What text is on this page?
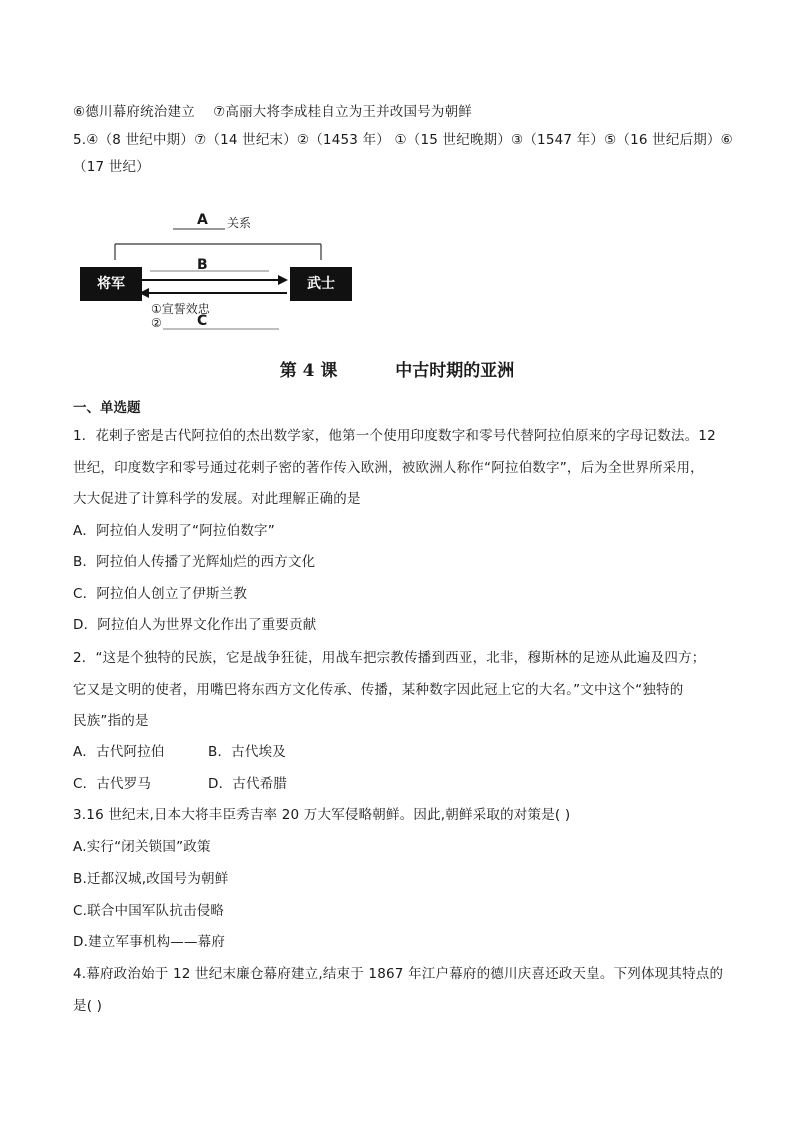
⑥德川幕府统治建立　 ⑦高丽大将李成桂自立为王并改国号为朝鲜
5.④（8 世纪中期）⑦（14 世纪末）②（1453 年） ①（15 世纪晚期）③（1547 年）⑤（16 世纪后期）⑥
（17 世纪）
A 关系
B
将军	武士
①宣誓效忠
②	C
第 4 课	中古时期的亚洲
一、单选题
1．花剌子密是古代阿拉伯的杰出数学家，他第一个使用印度数字和零号代替阿拉伯原来的字母记数法。12
世纪，印度数字和零号通过花剌子密的著作传入欧洲，被欧洲人称作“阿拉伯数字”，后为全世界所采用，
大大促进了计算科学的发展。对此理解正确的是
A．阿拉伯人发明了“阿拉伯数字”
B．阿拉伯人传播了光辉灿烂的西方文化
C．阿拉伯人创立了伊斯兰教
D．阿拉伯人为世界文化作出了重要贡献
2．“这是个独特的民族，它是战争狂徒，用战车把宗教传播到西亚，北非，穆斯林的足迹从此遍及四方；
它又是文明的使者，用嘴巴将东西方文化传承、传播，某种数字因此冠上它的大名。”文中这个“独特的
民族”指的是
A．古代阿拉伯	B．古代埃及
C．古代罗马	D．古代希腊
3.16 世纪末,日本大将丰臣秀吉率 20 万大军侵略朝鲜。因此,朝鲜采取的对策是( )
A.实行“闭关锁国”政策
B.迁都汉城,改国号为朝鲜
C.联合中国军队抗击侵略
D.建立军事机构——幕府
4.幕府政治始于 12 世纪末廉仓幕府建立,结束于 1867 年江户幕府的德川庆喜还政天皇。下列体现其特点的
是( )
